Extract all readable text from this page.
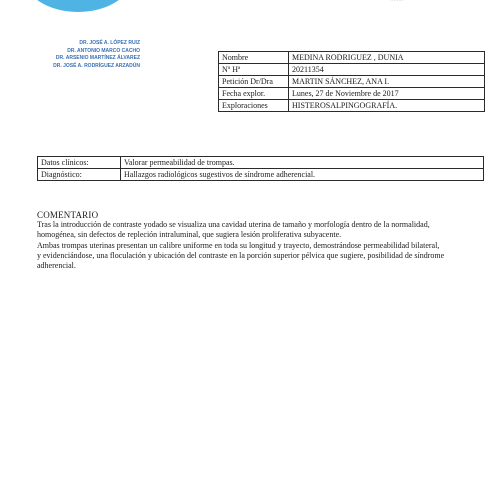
········
DR. JOSÉ A. LÓPEZ RUIZ
DR. ANTONIO MARCO CACHO
DR. ARSENIO MARTÍNEZ ÁLVAREZ
DR. JOSÉ A. RODRÍGUEZ ARZADÚN
Nombre	MEDINA RODRIGUEZ , DUNIA
Nº Hª	20211354
Petición Dr/Dra	MARTIN SÁNCHEZ, ANA I.
Fecha explor.	Lunes, 27 de Noviembre de 2017
Exploraciones	HISTEROSALPINGOGRAFÍA.
Datos clínicos:	Valorar permeabilidad de trompas.
Diagnóstico:	Hallazgos radiológicos sugestivos de síndrome adherencial.
COMENTARIO

Tras la introducción de contraste yodado se visualiza una cavidad uterina de tamaño y morfología dentro de la normalidad,

homogénea, sin defectos de repleción intraluminal, que sugiera lesión proliferativa subyacente.

Ambas trompas uterinas presentan un calibre uniforme en toda su longitud y trayecto, demostrándose permeabilidad bilateral,

y evidenciándose, una floculación y ubicación del contraste en la porción superior pélvica que sugiere, posibilidad de síndrome

adherencial.
